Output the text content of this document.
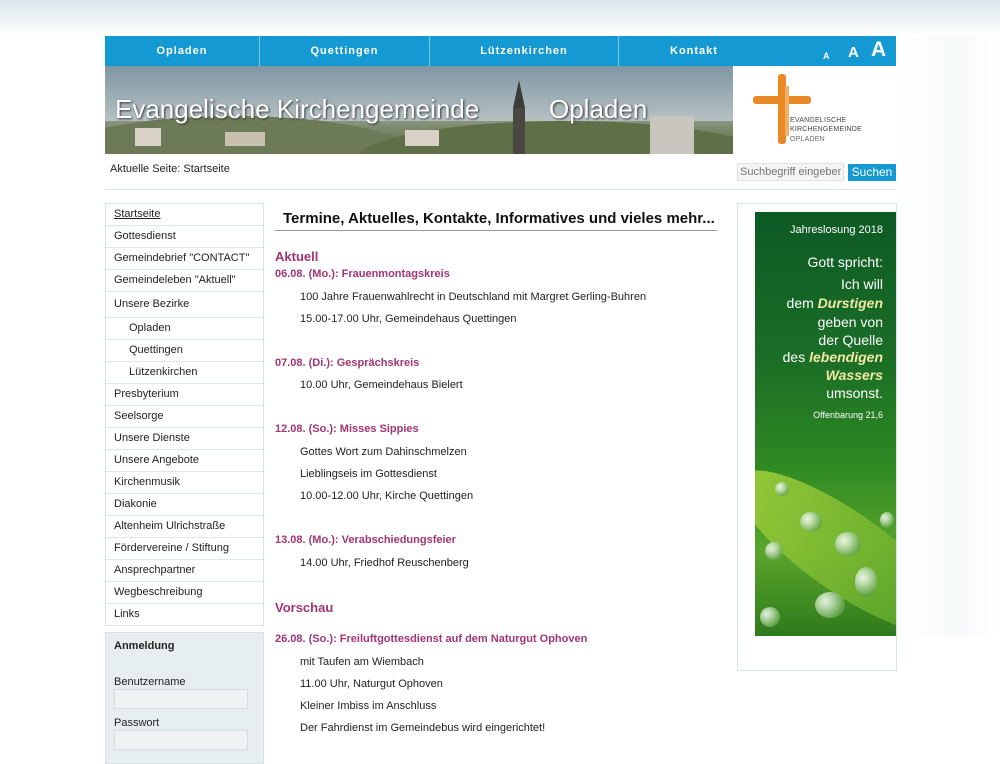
Opladen	Quettingen	Lützenkirchen	Kontakt	A A A
Evangelische Kirchengemeinde	Opladen	EVANGELISCHE
KIRCHENGEMEINDE
OPLADEN
Aktuelle Seite: Startseite
Suchbegriff eingeben	Suchen
Startseite
Gottesdienst
Gemeindebrief "CONTACT"
Gemeindeleben "Aktuell"
Unsere Bezirke
Opladen
Quettingen
Lützenkirchen
Presbyterium
Seelsorge
Unsere Dienste
Unsere Angebote
Kirchenmusik
Diakonie
Altenheim Ulrichstraße
Fördervereine / Stiftung
Ansprechpartner
Wegbeschreibung
Links
Anmeldung
Benutzername
Passwort
Termine, Aktuelles, Kontakte, Informatives und vieles mehr...
Aktuell
06.08. (Mo.): Frauenmontagskreis
100 Jahre Frauenwahlrecht in Deutschland mit Margret Gerling-Buhren
15.00-17.00 Uhr, Gemeindehaus Quettingen
07.08. (Di.): Gesprächskreis
10.00 Uhr, Gemeindehaus Bielert
12.08. (So.): Misses Sippies
Gottes Wort zum Dahinschmelzen
Lieblingseis im Gottesdienst
10.00-12.00 Uhr, Kirche Quettingen
13.08. (Mo.): Verabschiedungsfeier
14.00 Uhr, Friedhof Reuschenberg
Vorschau
26.08. (So.): Freiluftgottesdienst auf dem Naturgut Ophoven
mit Taufen am Wiembach
11.00 Uhr, Naturgut Ophoven
Kleiner Imbiss im Anschluss
Der Fahrdienst im Gemeindebus wird eingerichtet!
Jahreslosung 2018
Gott spricht:
Ich will
dem Durstigen
geben von
der Quelle
des lebendigen
Wassers
umsonst.
Offenbarung 21,6
